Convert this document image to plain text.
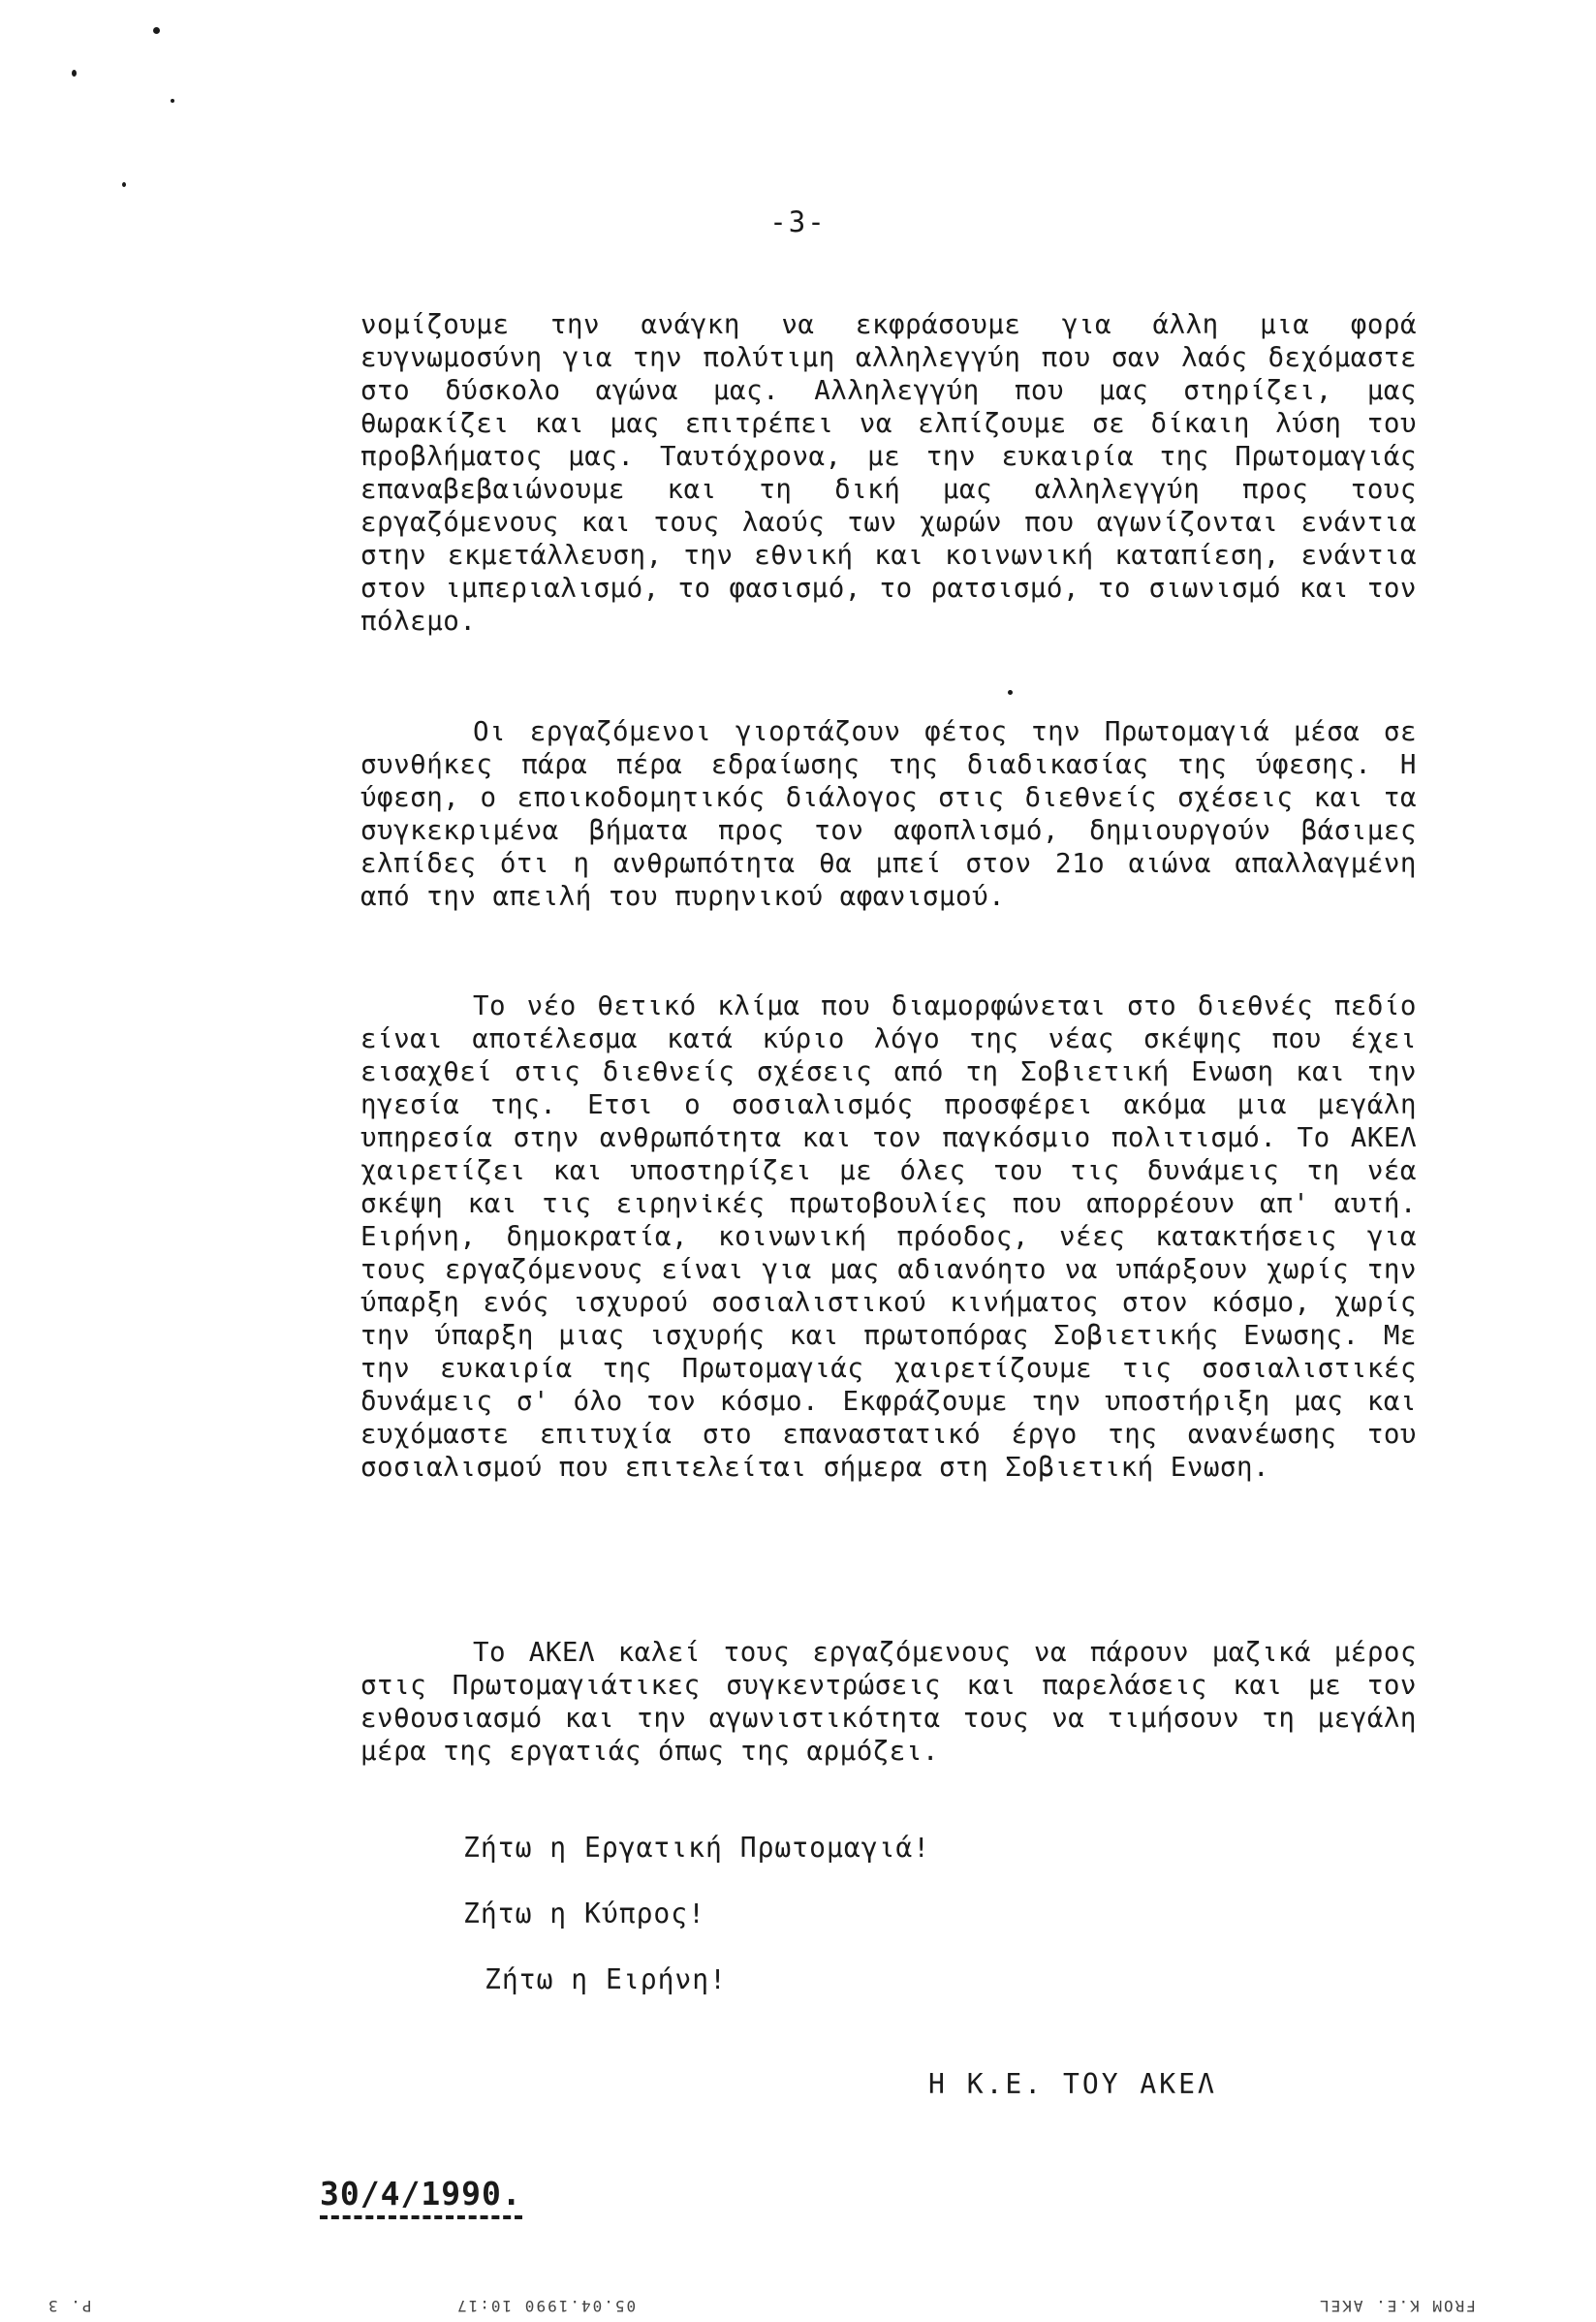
-3-

νομίζουμε την ανάγκη να εκφράσουμε για άλλη μια φορά ευγνωμοσύνη για την πολύτιμη αλληλεγγύη που σαν λαός δεχόμαστε στο δύσκολο αγώνα μας. Αλληλεγγύη που μας στηρίζει, μας θωρακίζει και μας επιτρέπει να ελπίζουμε σε δίκαιη λύση του προβλήματος μας. Ταυτόχρονα, με την ευκαιρία της Πρωτομαγιάς επαναβεβαιώνουμε και τη δική μας αλληλεγγύη προς τους εργαζόμενους και τους λαούς των χωρών που αγωνίζονται ενάντια στην εκμετάλλευση, την εθνική και κοινωνική καταπίεση, ενάντια στον ιμπεριαλισμό, το φασισμό, το ρατσισμό, το σιωνισμό και τον πόλεμο.

Οι εργαζόμενοι γιορτάζουν φέτος την Πρωτομαγιά μέσα σε συνθήκες πάρα πέρα εδραίωσης της διαδικασίας της ύφεσης. Η ύφεση, ο εποικοδομητικός διάλογος στις διεθνείς σχέσεις και τα συγκεκριμένα βήματα προς τον αφοπλισμό, δημιουργούν βάσιμες ελπίδες ότι η ανθρωπότητα θα μπεί στον 21ο αιώνα απαλλαγμένη από την απειλή του πυρηνικού αφανισμού.

Το νέο θετικό κλίμα που διαμορφώνεται στο διεθνές πεδίο είναι αποτέλεσμα κατά κύριο λόγο της νέας σκέψης που έχει εισαχθεί στις διεθνείς σχέσεις από τη Σοβιετική Ενωση και την ηγεσία της. Ετσι ο σοσιαλισμός προσφέρει ακόμα μια μεγάλη υπηρεσία στην ανθρωπότητα και τον παγκόσμιο πολιτισμό. Το ΑΚΕΛ χαιρετίζει και υποστηρίζει με όλες του τις δυνάμεις τη νέα σκέψη και τις ειρηνικές πρωτοβουλίες που απορρέουν απ' αυτή. Ειρήνη, δημοκρατία, κοινωνική πρόοδος, νέες κατακτήσεις για τους εργαζόμενους είναι για μας αδιανόητο να υπάρξουν χωρίς την ύπαρξη ενός ισχυρού σοσιαλιστικού κινήματος στον κόσμο, χωρίς την ύπαρξη μιας ισχυρής και πρωτοπόρας Σοβιετικής Ενωσης. Με την ευκαιρία της Πρωτομαγιάς χαιρετίζουμε τις σοσιαλιστικές δυνάμεις σ' όλο τον κόσμο. Εκφράζουμε την υποστήριξη μας και ευχόμαστε επιτυχία στο επαναστατικό έργο της ανανέωσης του σοσιαλισμού που επιτελείται σήμερα στη Σοβιετική Ενωση.

Το ΑΚΕΛ καλεί τους εργαζόμενους να πάρουν μαζικά μέρος στις Πρωτομαγιάτικες συγκεντρώσεις και παρελάσεις και με τον ενθουσιασμό και την αγωνιστικότητα τους να τιμήσουν τη μεγάλη μέρα της εργατιάς όπως της αρμόζει.

Ζήτω η Εργατική Πρωτομαγιά!
Ζήτω η Κύπρος!
Ζήτω η Ειρήνη!
Η Κ.Ε. ΤΟΥ ΑΚΕΛ
30/4/1990.
P. 3	05.04.1990 10:17	FROM K.E. AKEL
